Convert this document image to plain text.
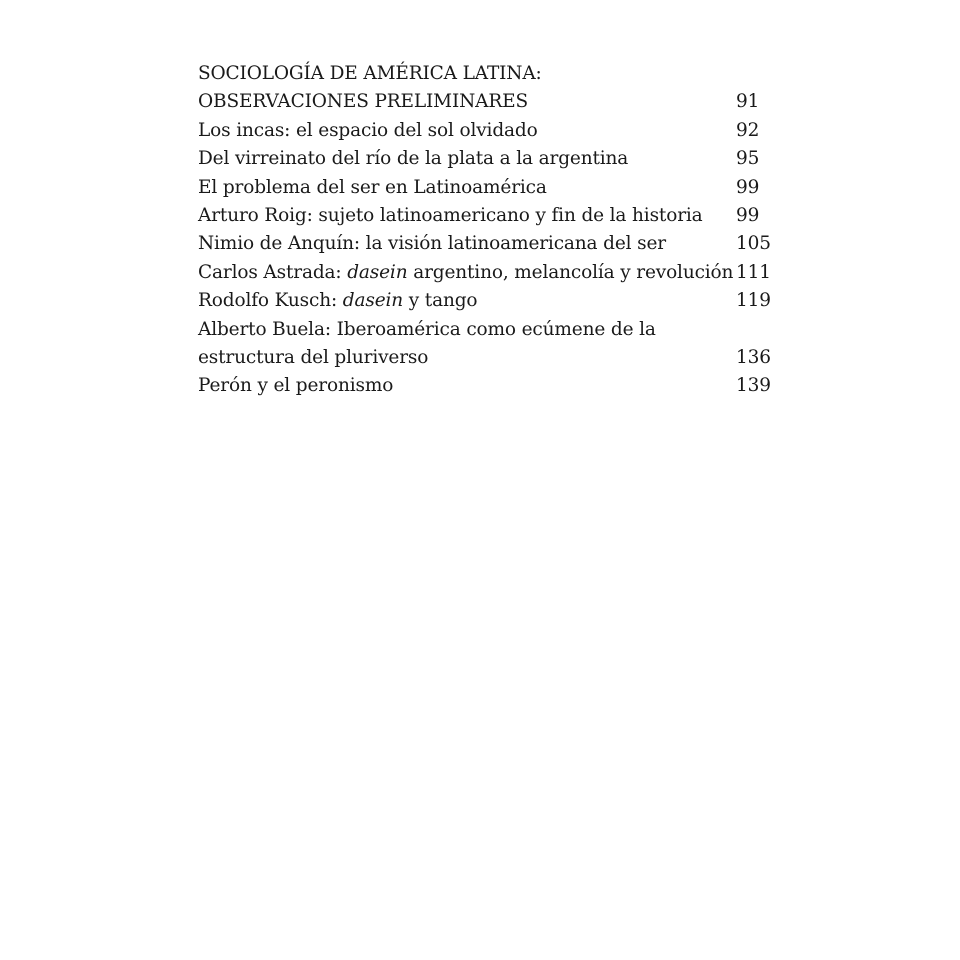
SOCIOLOGÍA DE AMÉRICA LATINA:
OBSERVACIONES PRELIMINARES	91
Los incas: el espacio del sol olvidado	92
Del virreinato del río de la plata a la argentina	95
El problema del ser en Latinoamérica	99
Arturo Roig: sujeto latinoamericano y fin de la historia 99
Nimio de Anquín: la visión latinoamericana del ser	105
Carlos Astrada: dasein argentino, melancolía y revolución 111
Rodolfo Kusch: dasein y tango	119
Alberto Buela: Iberoamérica como ecúmene de la
estructura del pluriverso	136
Perón y el peronismo	139
